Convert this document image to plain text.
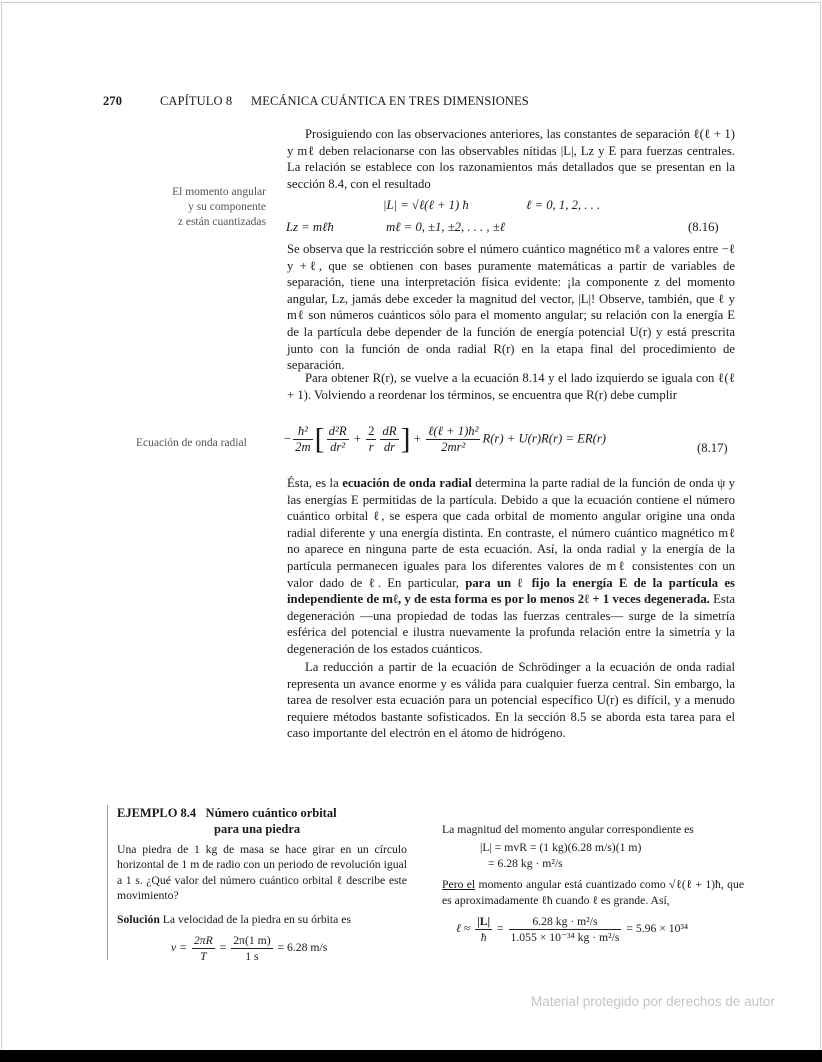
270	CAPÍTULO 8 MECÁNICA CUÁNTICA EN TRES DIMENSIONES

Prosiguiendo con las observaciones anteriores, las constantes de separación ℓ(ℓ + 1) y mℓ deben relacionarse con las observables nítidas |L|, Lz y E para fuerzas centrales. La relación se establece con los razonamientos más detallados que se presentan en la sección 8.4, con el resultado

El momento angular
y su componente
z están cuantizadas
|L| = √ℓ(ℓ + 1) ħ	ℓ = 0, 1, 2, . . .
Lz = mℓħ	mℓ = 0, ±1, ±2, . . . , ±ℓ	(8.16)

Se observa que la restricción sobre el número cuántico magnético mℓ a valores entre −ℓ y +ℓ, que se obtienen con bases puramente matemáticas a partir de variables de separación, tiene una interpretación física evidente: ¡la componente z del momento angular, Lz, jamás debe exceder la magnitud del vector, |L|! Observe, también, que ℓ y mℓ son números cuánticos sólo para el momento angular; su relación con la energía E de la partícula debe depender de la función de energía potencial U(r) y está prescrita junto con la función de onda radial R(r) en la etapa final del procedimiento de separación.

Para obtener R(r), se vuelve a la ecuación 8.14 y el lado izquierdo se iguala con ℓ(ℓ + 1). Volviendo a reordenar los términos, se encuentra que R(r) debe cumplir

Ecuación de onda radial	− $\frac{\text{ħ²}}{2m}$ [ $\frac{\text{d²R}}{\text{dr²}} + \frac{2}{r} \frac{dR}{dr}$ ] + $\frac{\text{ℓ(ℓ + 1)ħ²}}{\text{2mr²}} R(r) + U(r)R(r) = ER(r)$
(8.17)

Ésta, es la ecuación de onda radial determina la parte radial de la función de onda ψ y las energías E permitidas de la partícula. Debido a que la ecuación contiene el número cuántico orbital ℓ, se espera que cada orbital de momento angular origine una onda radial diferente y una energía distinta. En contraste, el número cuántico magnético mℓ no aparece en ninguna parte de esta ecuación. Así, la onda radial y la energía de la partícula permanecen iguales para los diferentes valores de mℓ consistentes con un valor dado de ℓ. En particular, para un ℓ fijo la energía E de la partícula es independiente de mℓ, y de esta forma es por lo menos 2ℓ + 1 veces degenerada. Esta degeneración —una propiedad de todas las fuerzas centrales— surge de la simetría esférica del potencial e ilustra nuevamente la profunda relación entre la simetría y la degeneración de los estados cuánticos.

La reducción a partir de la ecuación de Schrödinger a la ecuación de onda radial representa un avance enorme y es válida para cualquier fuerza central. Sin embargo, la tarea de resolver esta ecuación para un potencial específico U(r) es difícil, y a menudo requiere métodos bastante sofisticados. En la sección 8.5 se aborda esta tarea para el caso importante del electrón en el átomo de hidrógeno.

EJEMPLO 8.4 Número cuántico orbital
para una piedra
Una piedra de 1 kg de masa se hace girar en un círculo horizontal de 1 m de radio con un periodo de revolución igual a 1 s. ¿Qué valor del número cuántico orbital ℓ describe este movimiento?
Solución La velocidad de la piedra en su órbita es
$v = \frac{2\pi R}{T} = \frac{2\pi(1 m)}{1 s} = 6.28$ m/s
La magnitud del momento angular correspondiente es
|L| = mvR = (1 kg)(6.28 m/s)(1 m)
= 6.28 kg · m²/s
Pero el momento angular está cuantizado como √ℓ(ℓ + 1)ħ, que es aproximadamente ℓħ cuando ℓ es grande. Así,
ℓ ≈ $\frac{|L|}{ħ} = \frac{\text{6.28 kg · m²/s}}{\text{1.055 × 10⁻³⁴ kg · m²/s}} = 5.96 \times 10^{34}$
Material protegido por derechos de autor
